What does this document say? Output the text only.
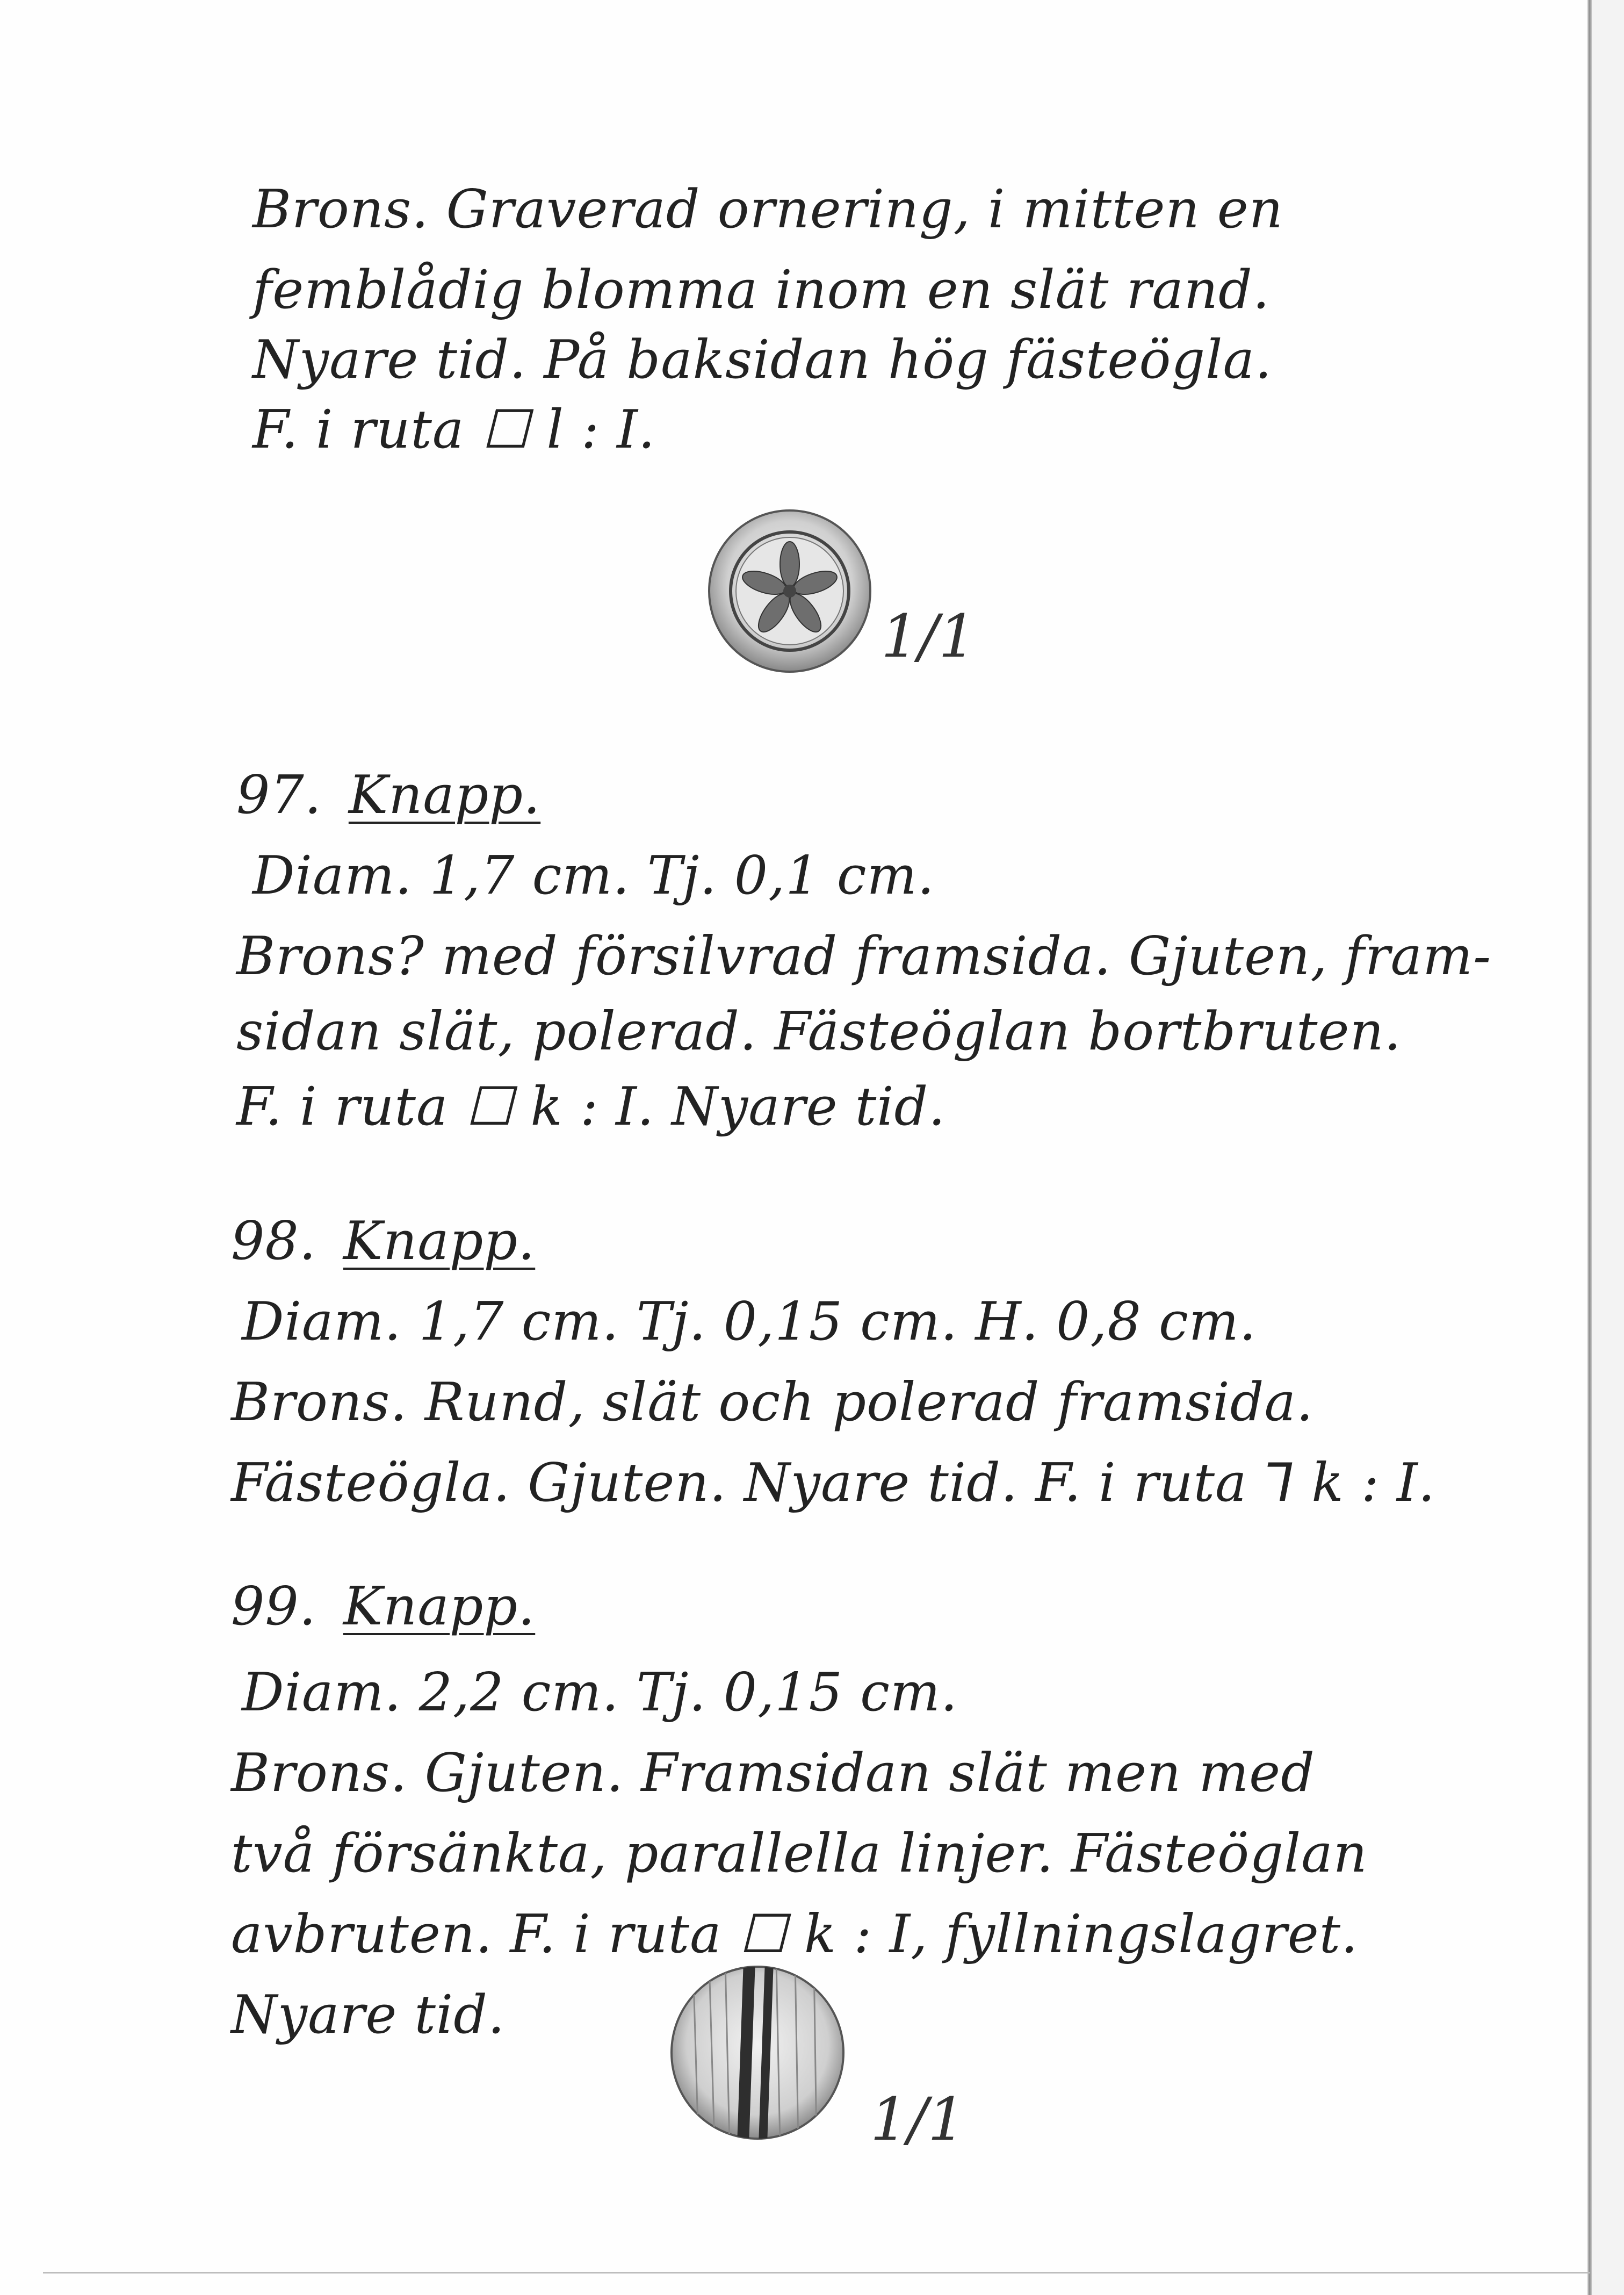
Brons. Graverad ornering, i mitten en
femblådig blomma inom en slät rand.
Nyare tid. På baksidan hög fästeögla.
F. i ruta ☐ l : I.
1/1
97. Knapp.
Diam. 1,7 cm. Tj. 0,1 cm.
Brons? med försilvrad framsida. Gjuten, fram-
sidan slät, polerad. Fästeöglan bortbruten.
F. i ruta ☐ k : I. Nyare tid.
98. Knapp.
Diam. 1,7 cm. Tj. 0,15 cm. H. 0,8 cm.
Brons. Rund, slät och polerad framsida.
Fästeögla. Gjuten. Nyare tid. F. i ruta ⅂ k : I.
99. Knapp.
Diam. 2,2 cm. Tj. 0,15 cm.
Brons. Gjuten. Framsidan slät men med
två försänkta, parallella linjer. Fästeöglan
avbruten. F. i ruta ☐ k : I, fyllningslagret.
Nyare tid.
1/1
